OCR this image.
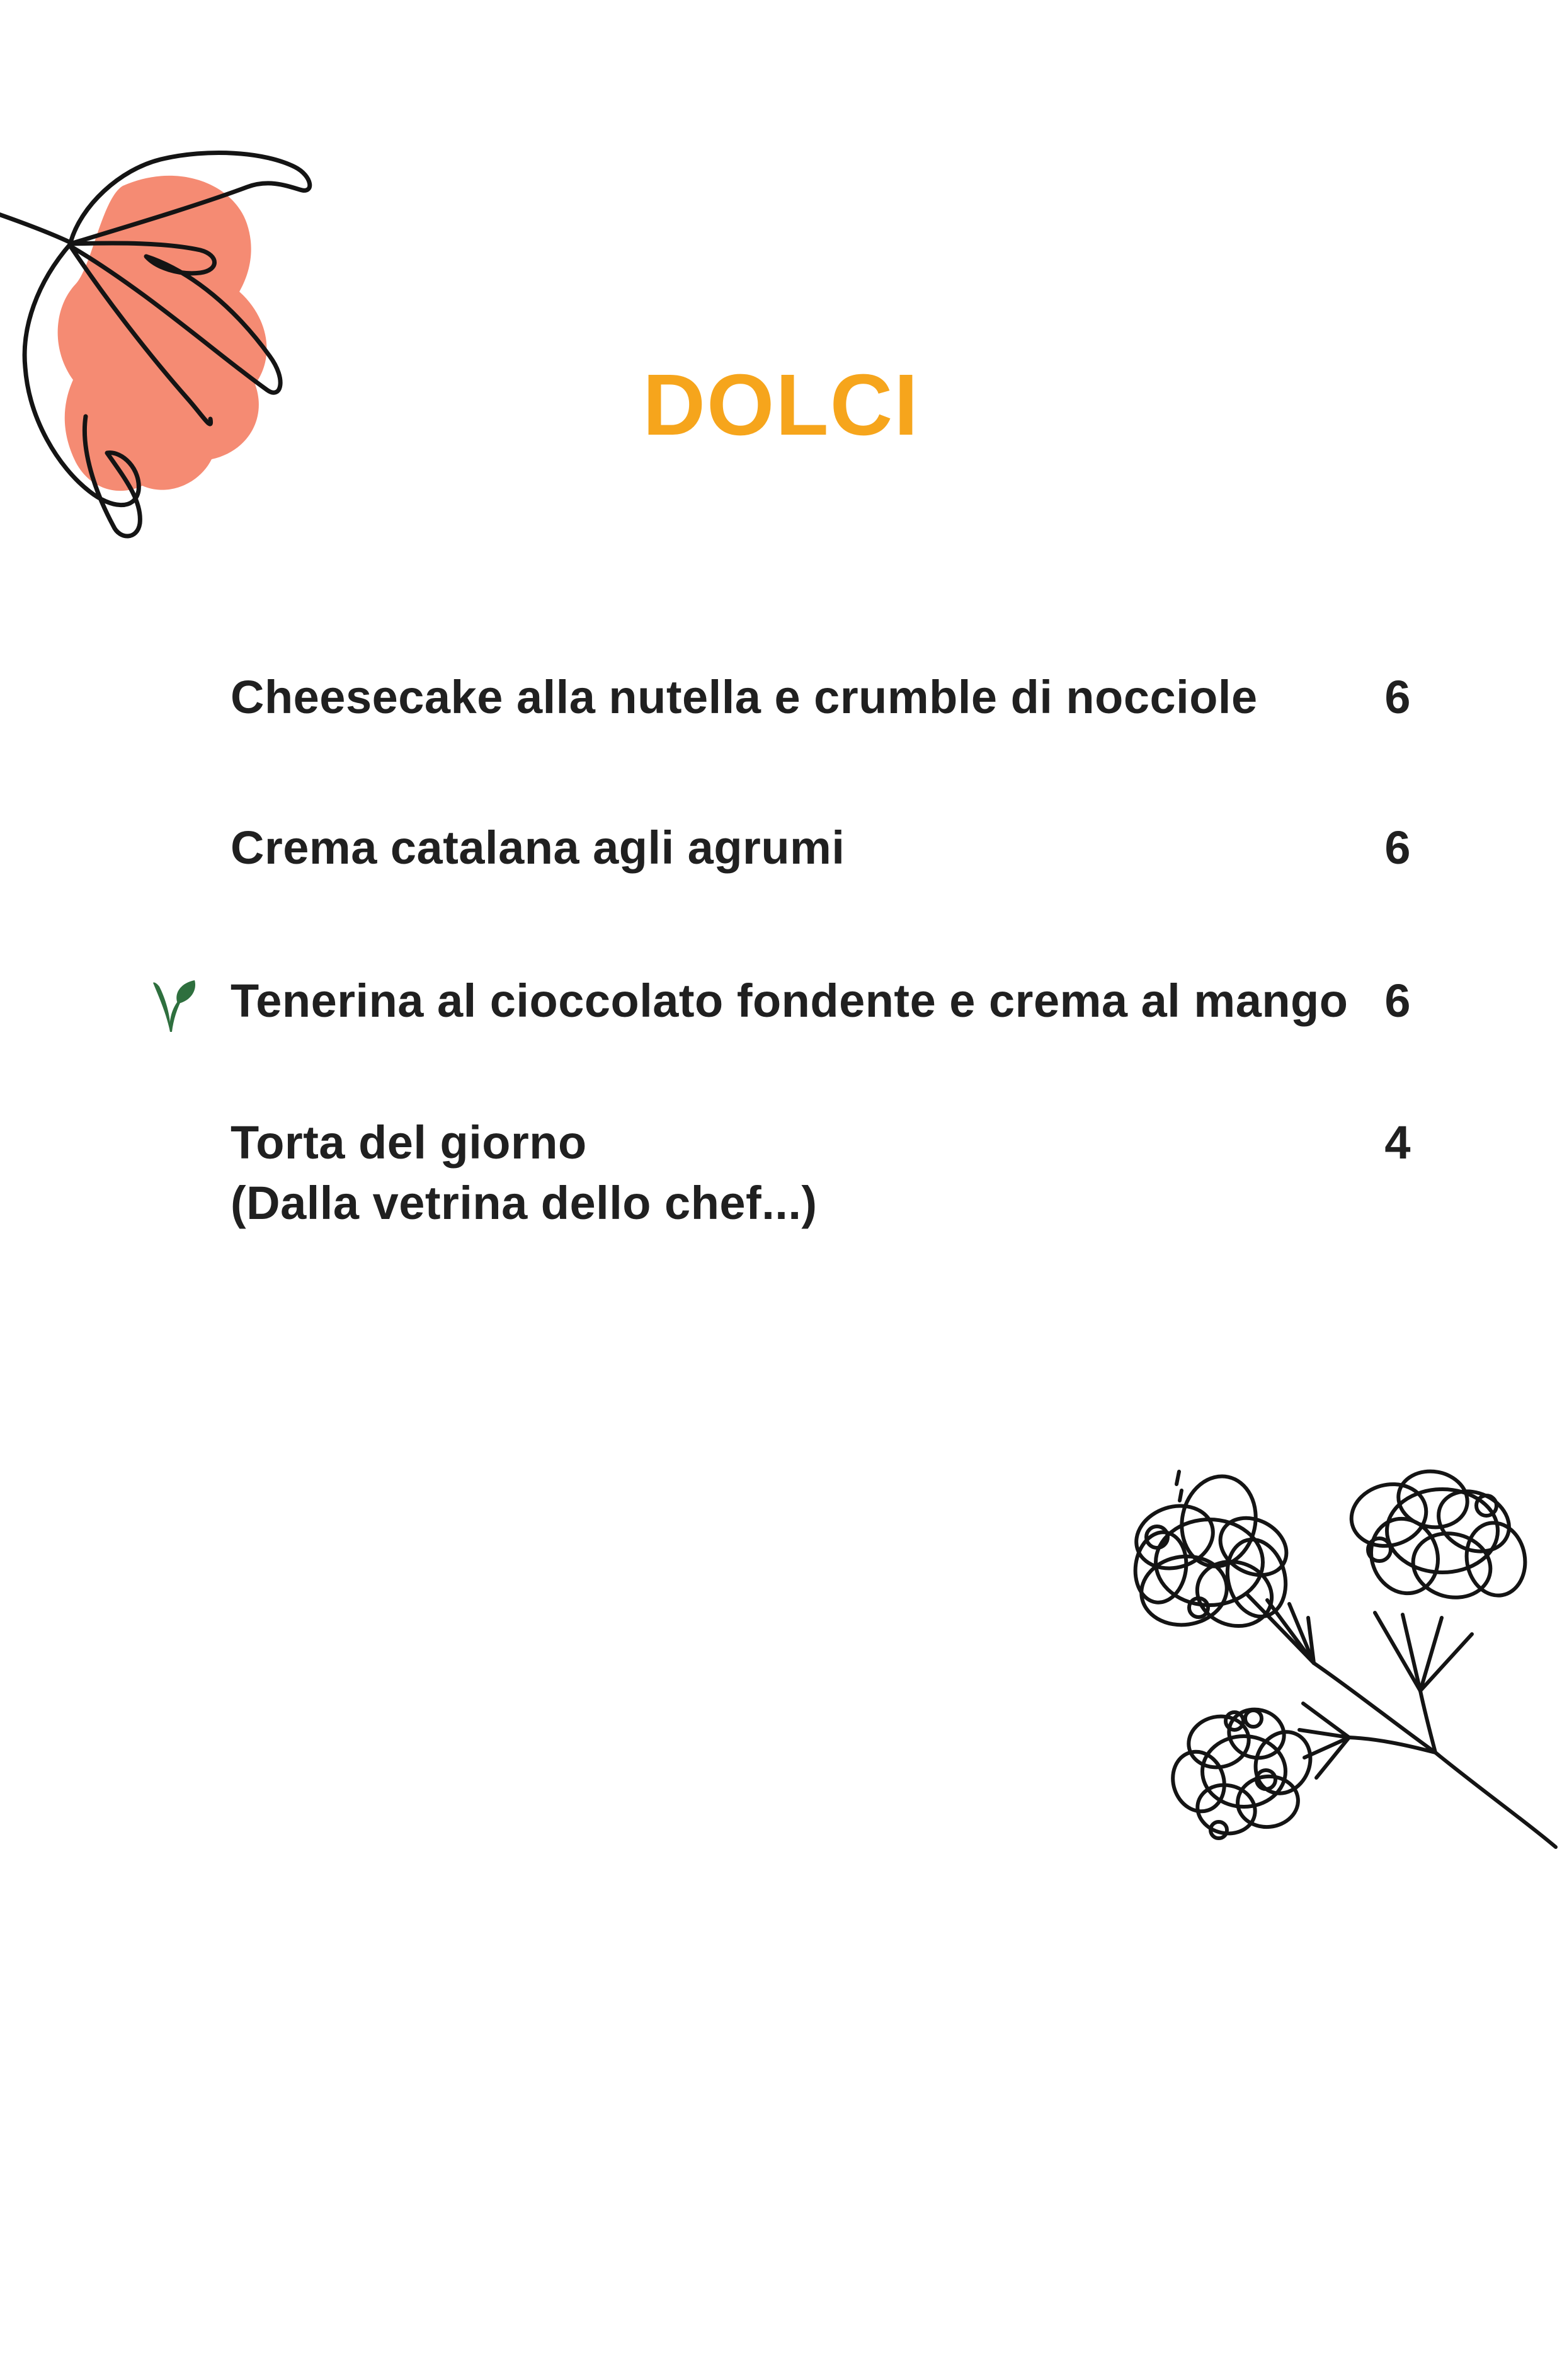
DOLCI
Cheesecake alla nutella e crumble di nocciole	6
Crema catalana agli agrumi	6
Tenerina al cioccolato fondente e crema al mango 6
Torta del giorno
(Dalla vetrina dello chef...)
4
